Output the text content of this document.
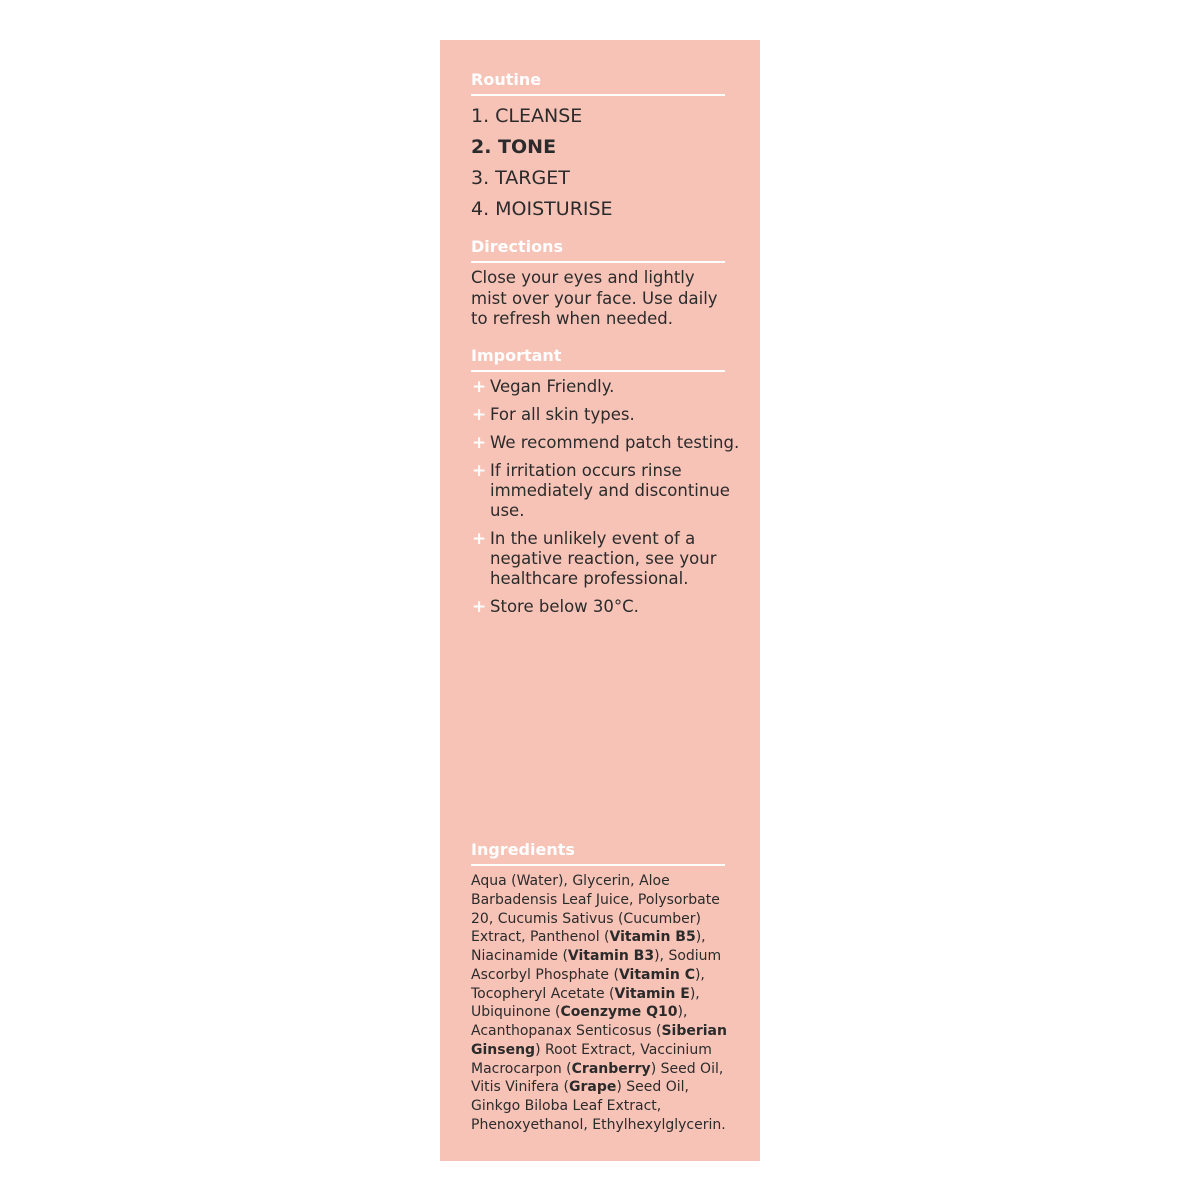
Routine
1. CLEANSE
2. TONE
3. TARGET
4. MOISTURISE
Directions
Close your eyes and lightly mist over your face. Use daily to refresh when needed.
Important
+ Vegan Friendly.
+ For all skin types.
+ We recommend patch testing.
+ If irritation occurs rinse immediately and discontinue use.
+ In the unlikely event of a negative reaction, see your healthcare professional.
+ Store below 30°C.
Ingredients
Aqua (Water), Glycerin, Aloe Barbadensis Leaf Juice, Polysorbate 20, Cucumis Sativus (Cucumber) Extract, Panthenol (Vitamin B5), Niacinamide (Vitamin B3), Sodium Ascorbyl Phosphate (Vitamin C), Tocopheryl Acetate (Vitamin E), Ubiquinone (Coenzyme Q10), Acanthopanax Senticosus (Siberian Ginseng) Root Extract, Vaccinium Macrocarpon (Cranberry) Seed Oil, Vitis Vinifera (Grape) Seed Oil, Ginkgo Biloba Leaf Extract, Phenoxyethanol, Ethylhexylglycerin.
